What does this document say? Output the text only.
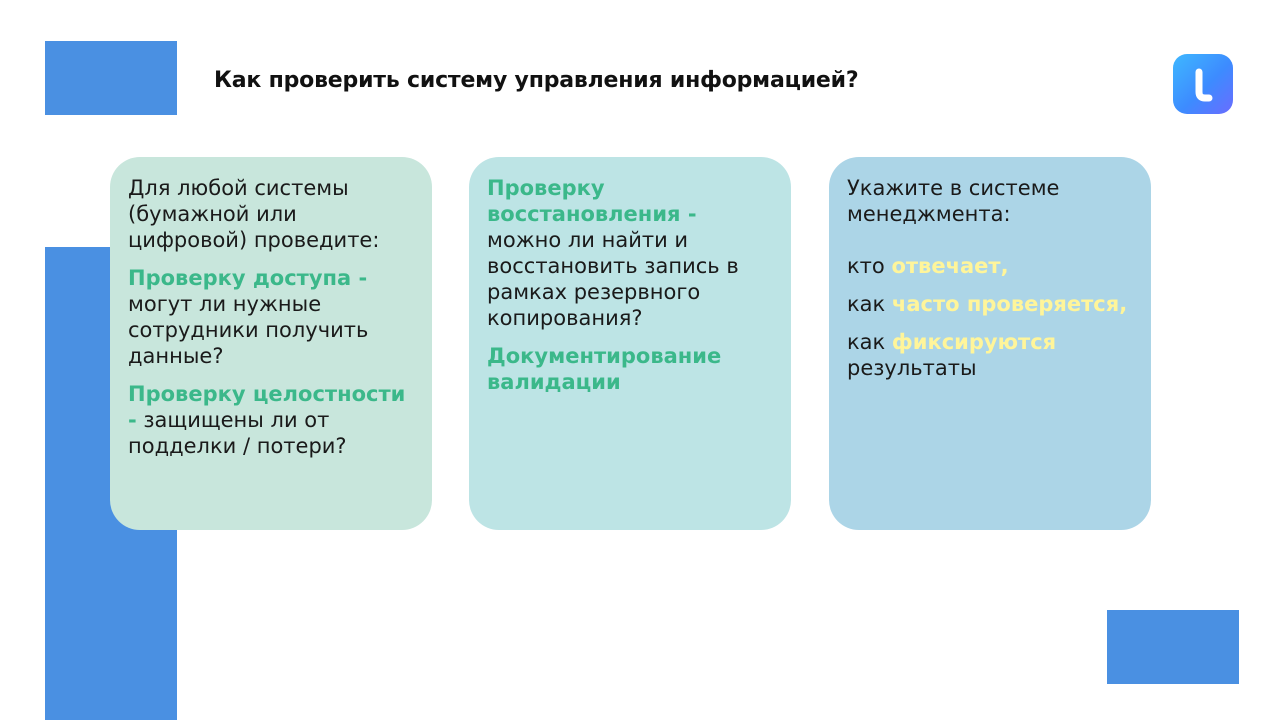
Как проверить систему управления информацией?

Для любой системы (бумажной или цифровой) проведите:

Проверку доступа - могут ли нужные сотрудники получить данные?

Проверку целостности - защищены ли от подделки / потери?

Проверку восстановления - можно ли найти и восстановить запись в рамках резервного копирования?

Документирование валидации

Укажите в системе менеджмента:

кто отвечает,

как часто проверяется,

как фиксируются результаты
